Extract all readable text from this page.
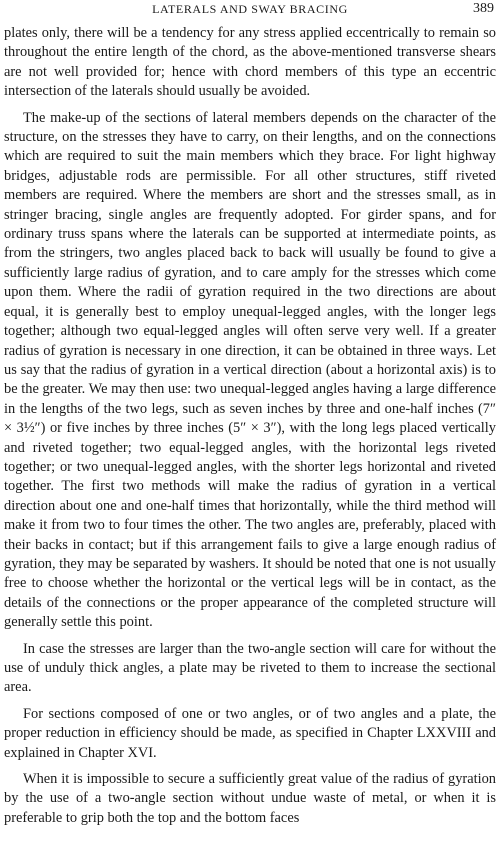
LATERALS AND SWAY BRACING	389

plates only, there will be a tendency for any stress applied eccentrically to remain so throughout the entire length of the chord, as the above-mentioned transverse shears are not well provided for; hence with chord members of this type an eccentric intersection of the laterals should usually be avoided.

The make-up of the sections of lateral members depends on the character of the structure, on the stresses they have to carry, on their lengths, and on the connections which are required to suit the main members which they brace. For light highway bridges, adjustable rods are permissible. For all other structures, stiff riveted members are required. Where the members are short and the stresses small, as in stringer bracing, single angles are frequently adopted. For girder spans, and for ordinary truss spans where the laterals can be supported at intermediate points, as from the stringers, two angles placed back to back will usually be found to give a sufficiently large radius of gyration, and to care amply for the stresses which come upon them. Where the radii of gyration required in the two directions are about equal, it is generally best to employ unequal-legged angles, with the longer legs together; although two equal-legged angles will often serve very well. If a greater radius of gyration is necessary in one direction, it can be obtained in three ways. Let us say that the radius of gyration in a vertical direction (about a horizontal axis) is to be the greater. We may then use: two unequal-legged angles having a large difference in the lengths of the two legs, such as seven inches by three and one-half inches (7″ × 3½″) or five inches by three inches (5″ × 3″), with the long legs placed vertically and riveted together; two equal-legged angles, with the horizontal legs riveted together; or two unequal-legged angles, with the shorter legs horizontal and riveted together. The first two methods will make the radius of gyration in a vertical direction about one and one-half times that horizontally, while the third method will make it from two to four times the other. The two angles are, preferably, placed with their backs in contact; but if this arrangement fails to give a large enough radius of gyration, they may be separated by washers. It should be noted that one is not usually free to choose whether the horizontal or the vertical legs will be in contact, as the details of the connections or the proper appearance of the completed structure will generally settle this point.

In case the stresses are larger than the two-angle section will care for without the use of unduly thick angles, a plate may be riveted to them to increase the sectional area.

For sections composed of one or two angles, or of two angles and a plate, the proper reduction in efficiency should be made, as specified in Chapter LXXVIII and explained in Chapter XVI.

When it is impossible to secure a sufficiently great value of the radius of gyration by the use of a two-angle section without undue waste of metal, or when it is preferable to grip both the top and the bottom faces
